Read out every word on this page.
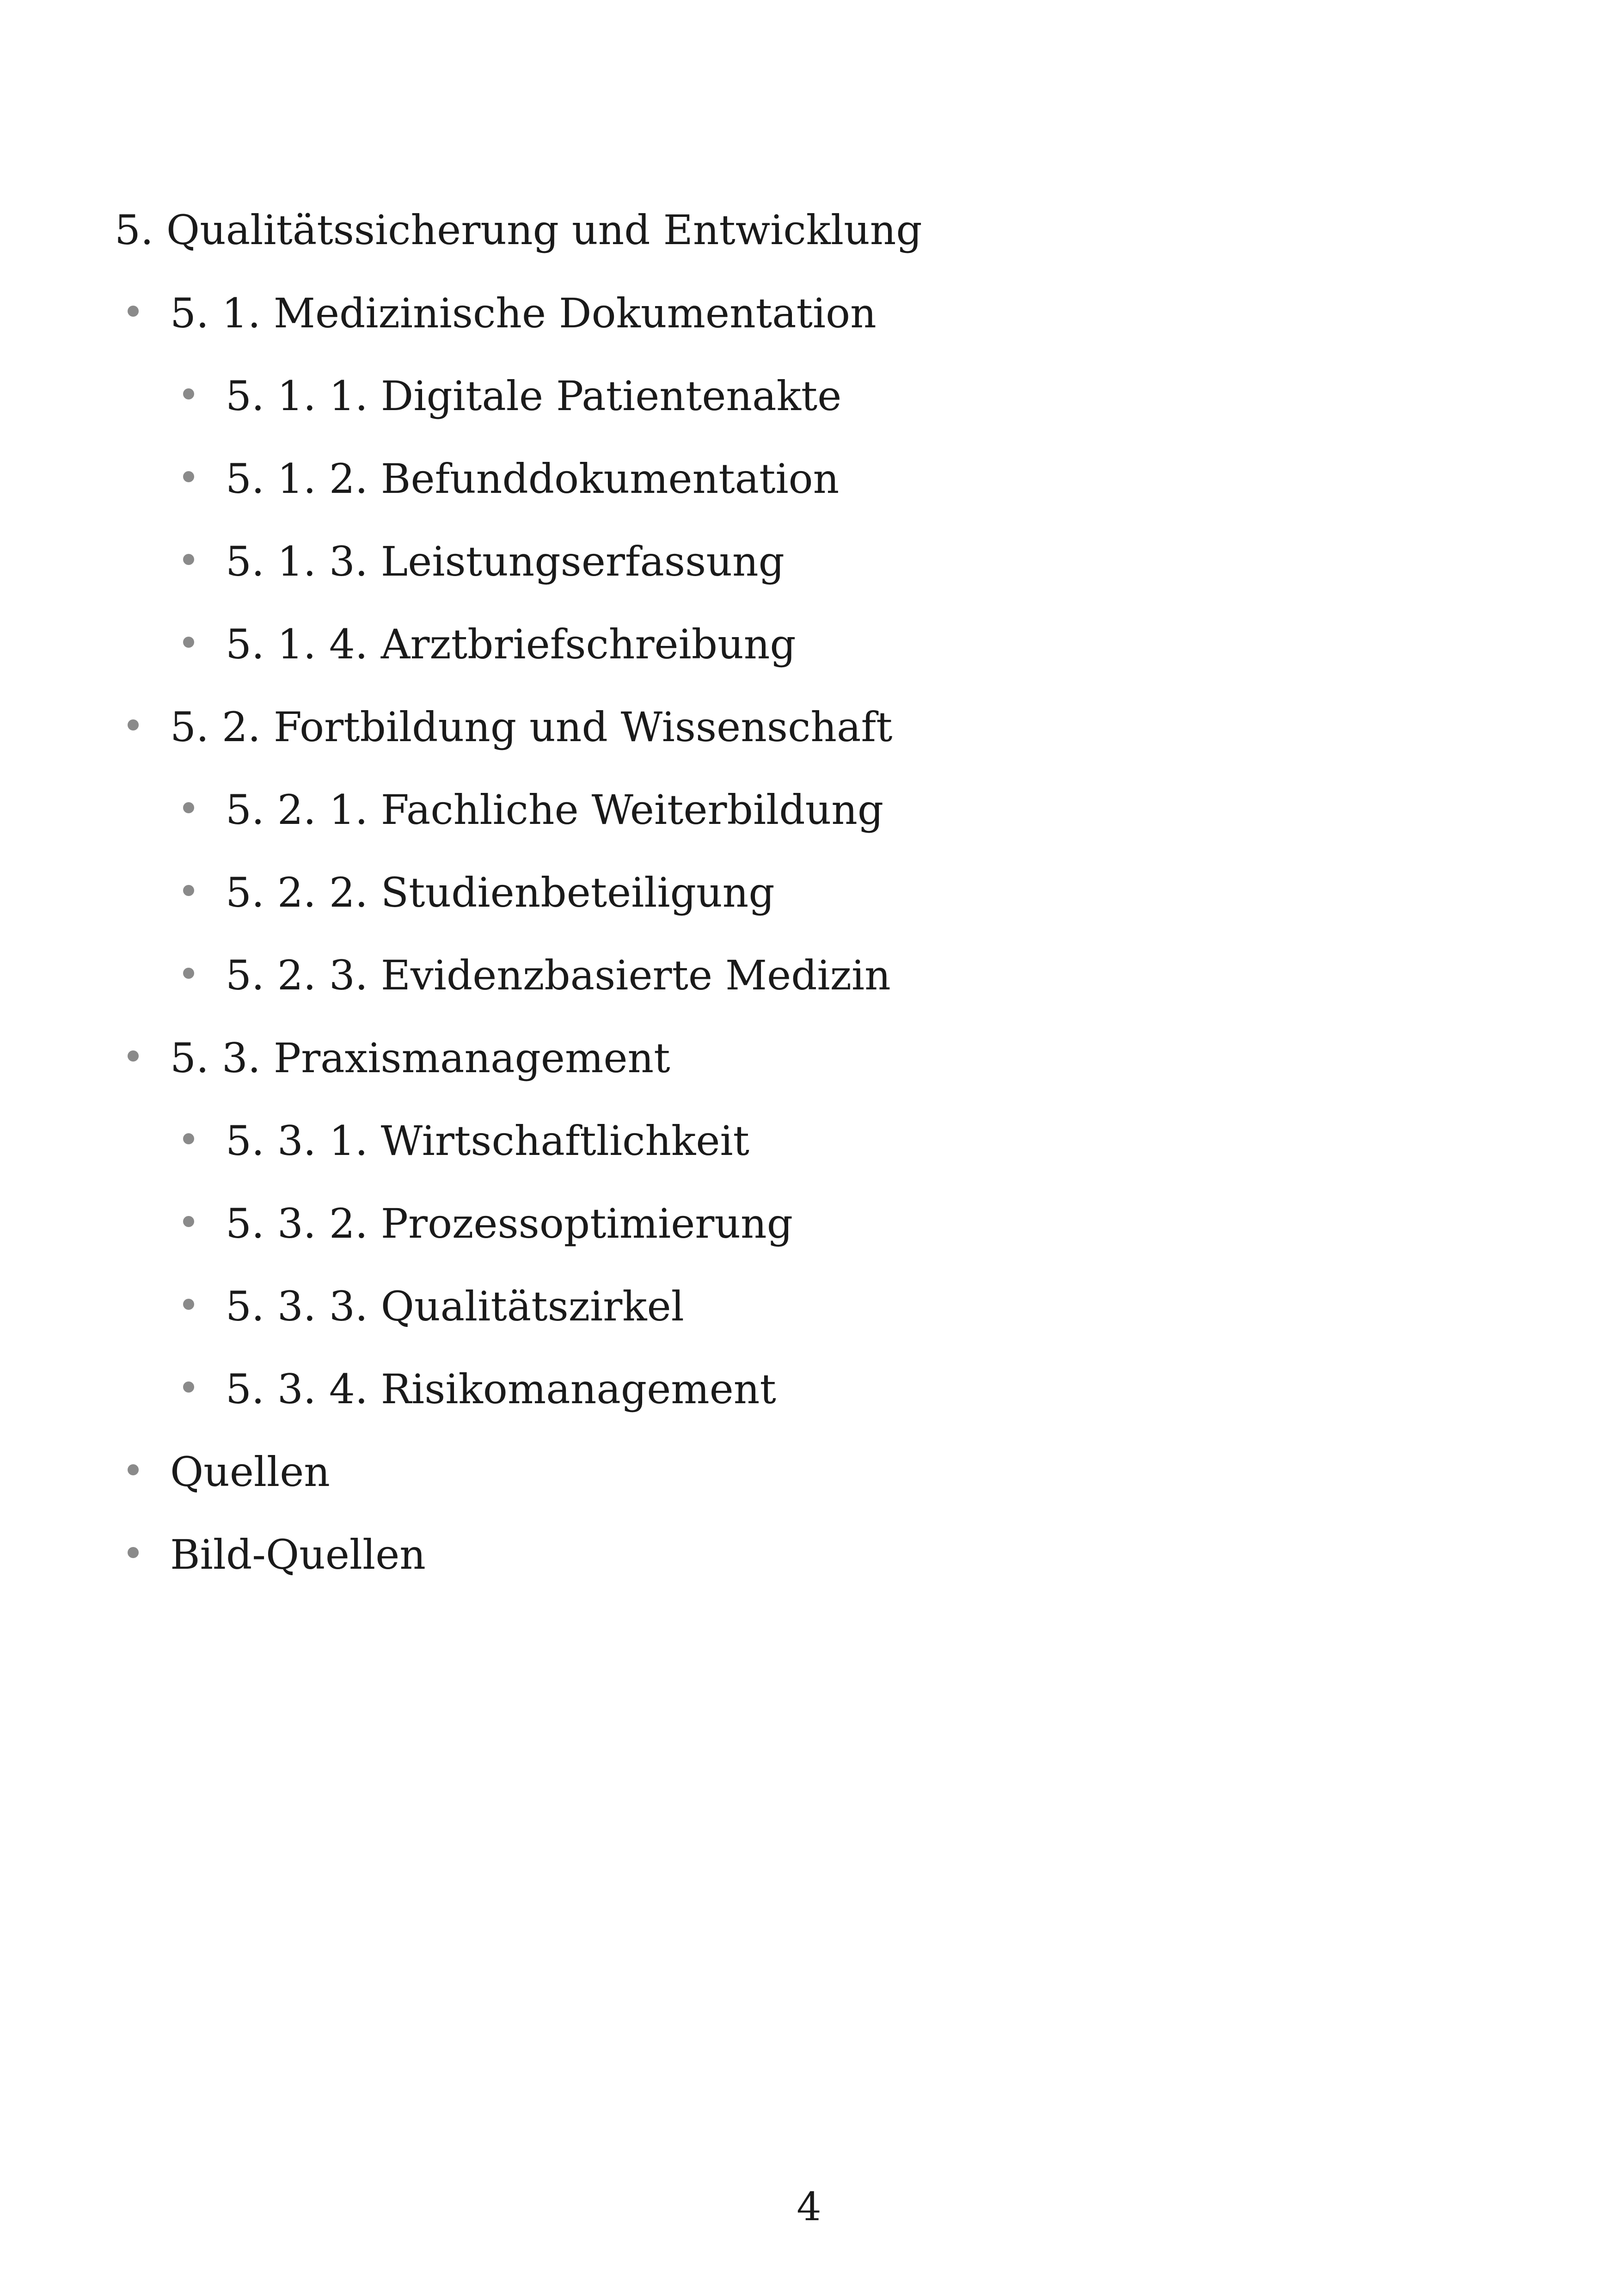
5. Qualitätssicherung und Entwicklung
5. 1. Medizinische Dokumentation
5. 1. 1. Digitale Patientenakte
5. 1. 2. Befunddokumentation
5. 1. 3. Leistungserfassung
5. 1. 4. Arztbriefschreibung
5. 2. Fortbildung und Wissenschaft
5. 2. 1. Fachliche Weiterbildung
5. 2. 2. Studienbeteiligung
5. 2. 3. Evidenzbasierte Medizin
5. 3. Praxismanagement
5. 3. 1. Wirtschaftlichkeit
5. 3. 2. Prozessoptimierung
5. 3. 3. Qualitätszirkel
5. 3. 4. Risikomanagement
Quellen
Bild-Quellen
4
